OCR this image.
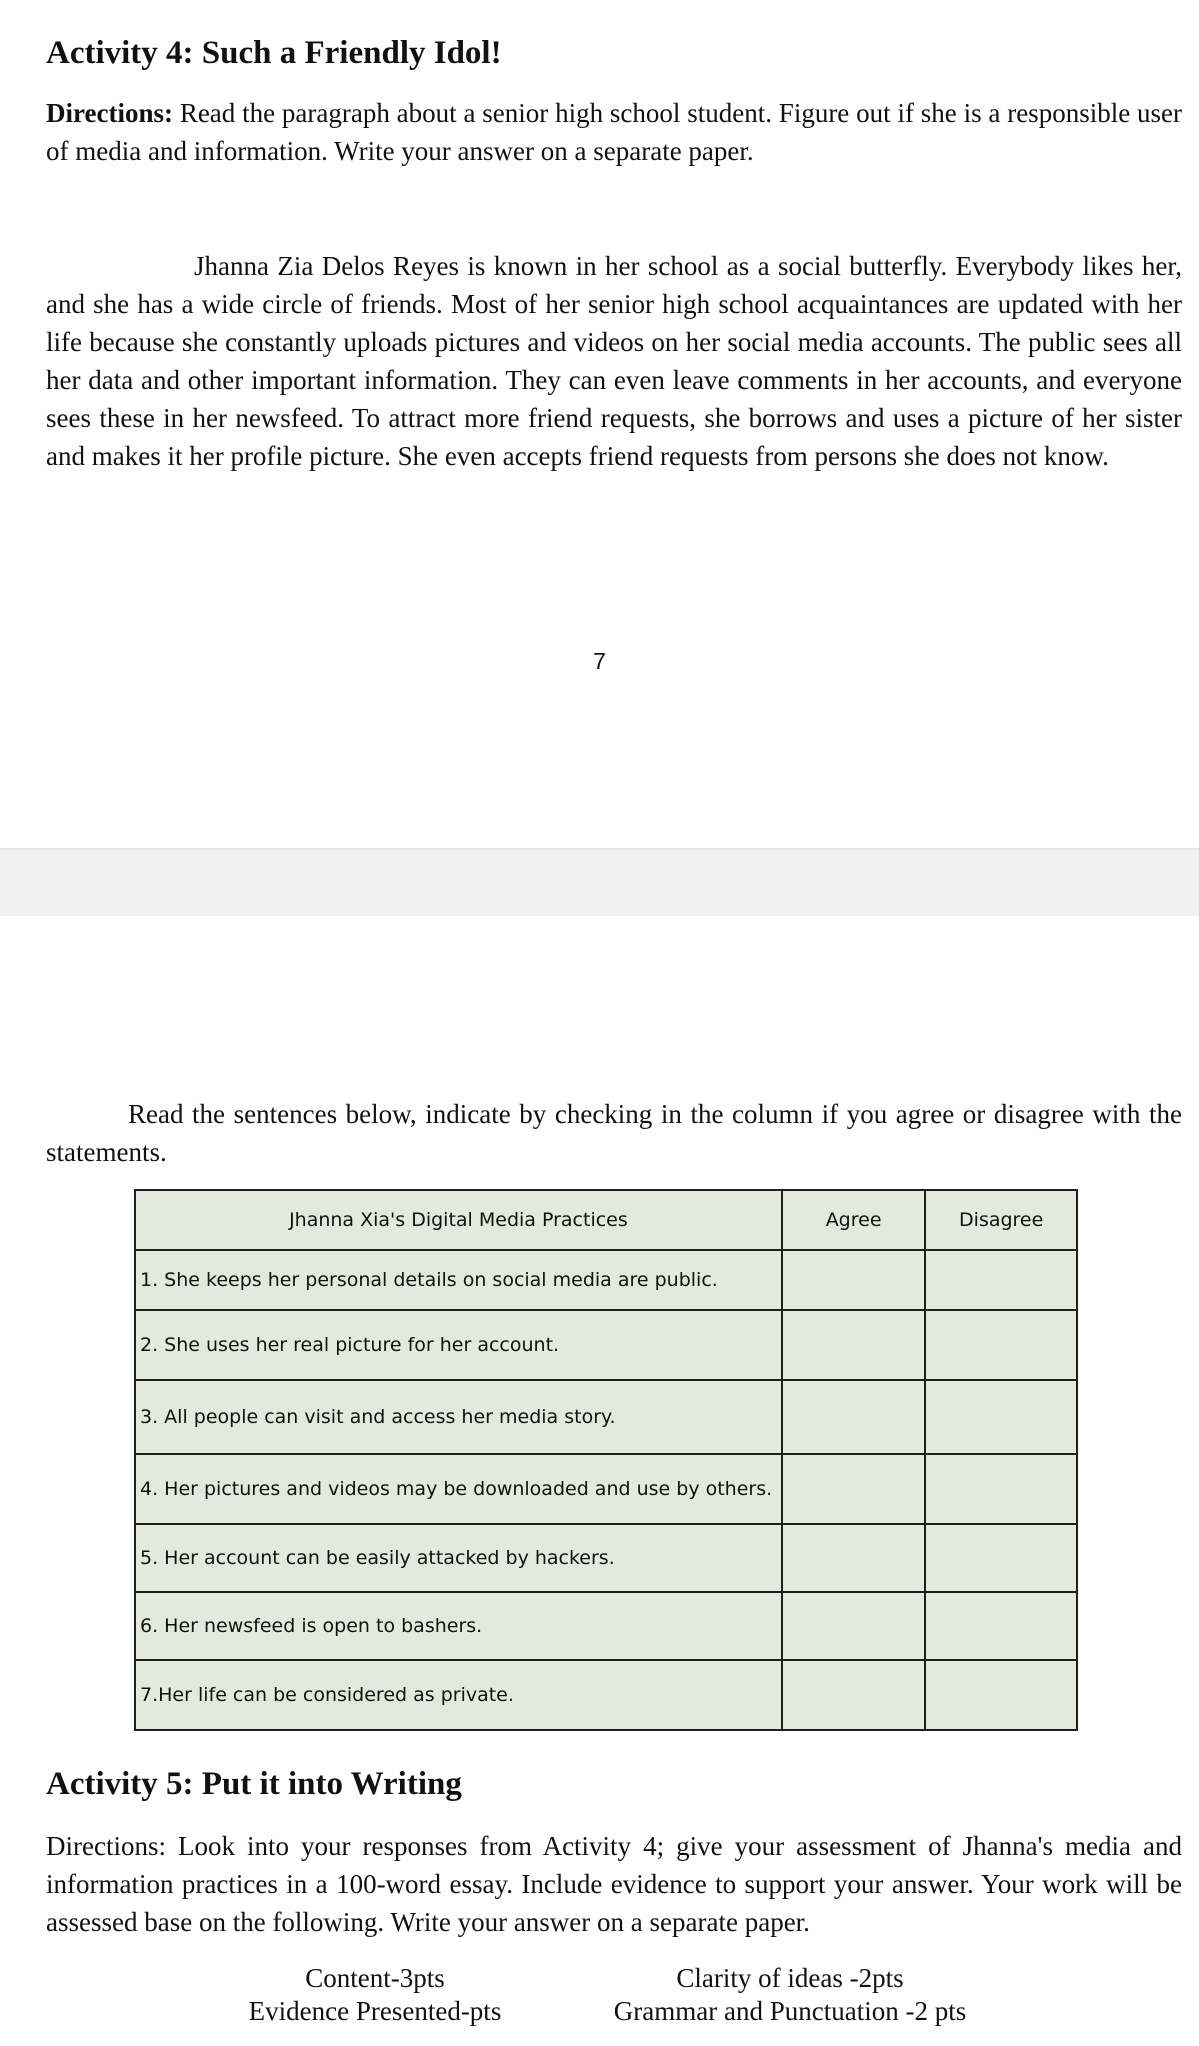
Activity 4: Such a Friendly Idol!
Directions: Read the paragraph about a senior high school student. Figure out if she is a responsible user of media and information. Write your answer on a separate paper.
Jhanna Zia Delos Reyes is known in her school as a social butterfly. Everybody likes her, and she has a wide circle of friends. Most of her senior high school acquaintances are updated with her life because she constantly uploads pictures and videos on her social media accounts. The public sees all her data and other important information. They can even leave comments in her accounts, and everyone sees these in her newsfeed. To attract more friend requests, she borrows and uses a picture of her sister and makes it her profile picture. She even accepts friend requests from persons she does not know.
7
Read the sentences below, indicate by checking in the column if you agree or disagree with the statements.
Jhanna Xia's Digital Media Practices	Agree	Disagree
1. She keeps her personal details on social media are public.		
2. She uses her real picture for her account.		
3. All people can visit and access her media story.		
4. Her pictures and videos may be downloaded and use by others.		
5. Her account can be easily attacked by hackers.		
6. Her newsfeed is open to bashers.		
7.Her life can be considered as private.		
Activity 5: Put it into Writing
Directions: Look into your responses from Activity 4; give your assessment of Jhanna's media and information practices in a 100-word essay. Include evidence to support your answer. Your work will be assessed base on the following. Write your answer on a separate paper.
Content-3pts
Evidence Presented-pts
Clarity of ideas -2pts
Grammar and Punctuation -2 pts
